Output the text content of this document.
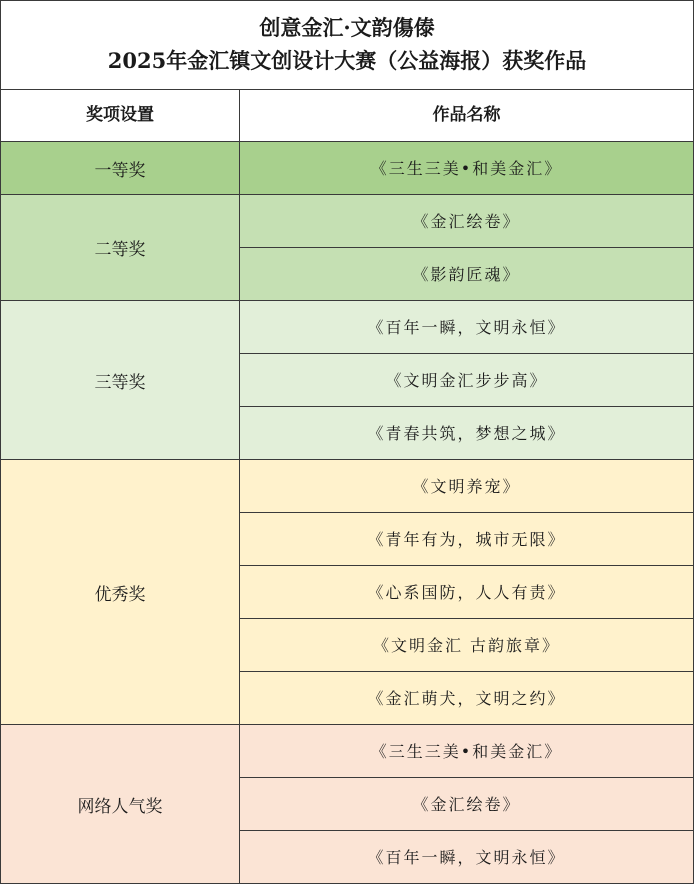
创意金汇·文韵傷傣
2025年金汇镇文创设计大赛（公益海报）获奖作品
奖项设置	作品名称
一等奖	《三生三美•和美金汇》
二等奖
《金汇绘卷》
《影韵匠魂》
三等奖
《百年一瞬，文明永恒》
《文明金汇步步高》
《青春共筑，梦想之城》
优秀奖
《文明养宠》
《青年有为，城市无限》
《心系国防，人人有责》
《文明金汇 古韵旅章》
《金汇萌犬，文明之约》
网络人气奖
《三生三美•和美金汇》
《金汇绘卷》
《百年一瞬，文明永恒》
